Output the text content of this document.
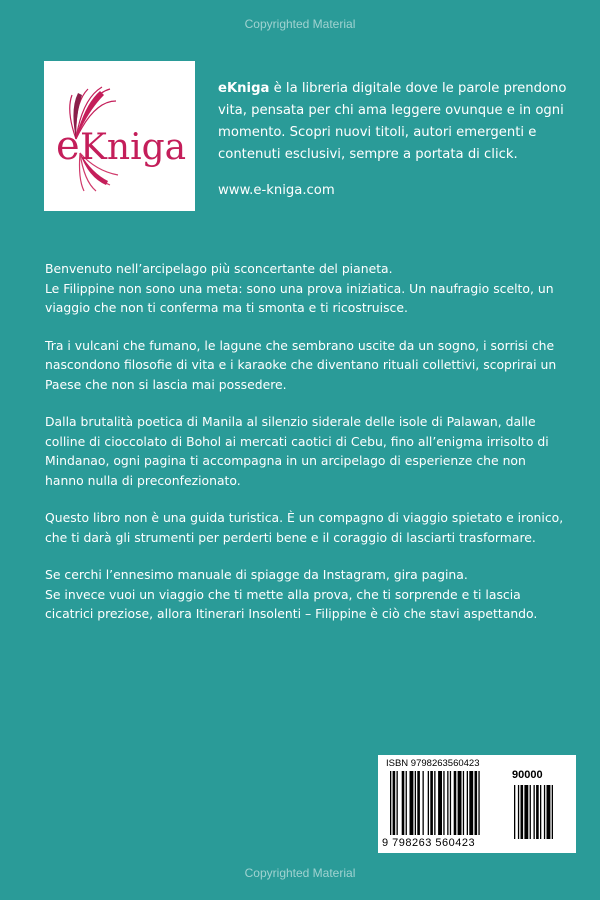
Copyrighted Material
e Kniga
eKniga è la libreria digitale dove le parole prendono vita, pensata per chi ama leggere ovunque e in ogni momento. Scopri nuovi titoli, autori emergenti e contenuti esclusivi, sempre a portata di click.
www.e-kniga.com

Benvenuto nell’arcipelago più sconcertante del pianeta.
Le Filippine non sono una meta: sono una prova iniziatica. Un naufragio scelto, un viaggio che non ti conferma ma ti smonta e ti ricostruisce.

Tra i vulcani che fumano, le lagune che sembrano uscite da un sogno, i sorrisi che nascondono filosofie di vita e i karaoke che diventano rituali collettivi, scoprirai un Paese che non si lascia mai possedere.

Dalla brutalità poetica di Manila al silenzio siderale delle isole di Palawan, dalle colline di cioccolato di Bohol ai mercati caotici di Cebu, fino all’enigma irrisolto di Mindanao, ogni pagina ti accompagna in un arcipelago di esperienze che non hanno nulla di preconfezionato.

Questo libro non è una guida turistica. È un compagno di viaggio spietato e ironico, che ti darà gli strumenti per perderti bene e il coraggio di lasciarti trasformare.

Se cerchi l’ennesimo manuale di spiagge da Instagram, gira pagina.
Se invece vuoi un viaggio che ti mette alla prova, che ti sorprende e ti lascia cicatrici preziose, allora Itinerari Insolenti – Filippine è ciò che stavi aspettando.

ISBN 9798263560423
90000
9 798263 560423
Copyrighted Material
